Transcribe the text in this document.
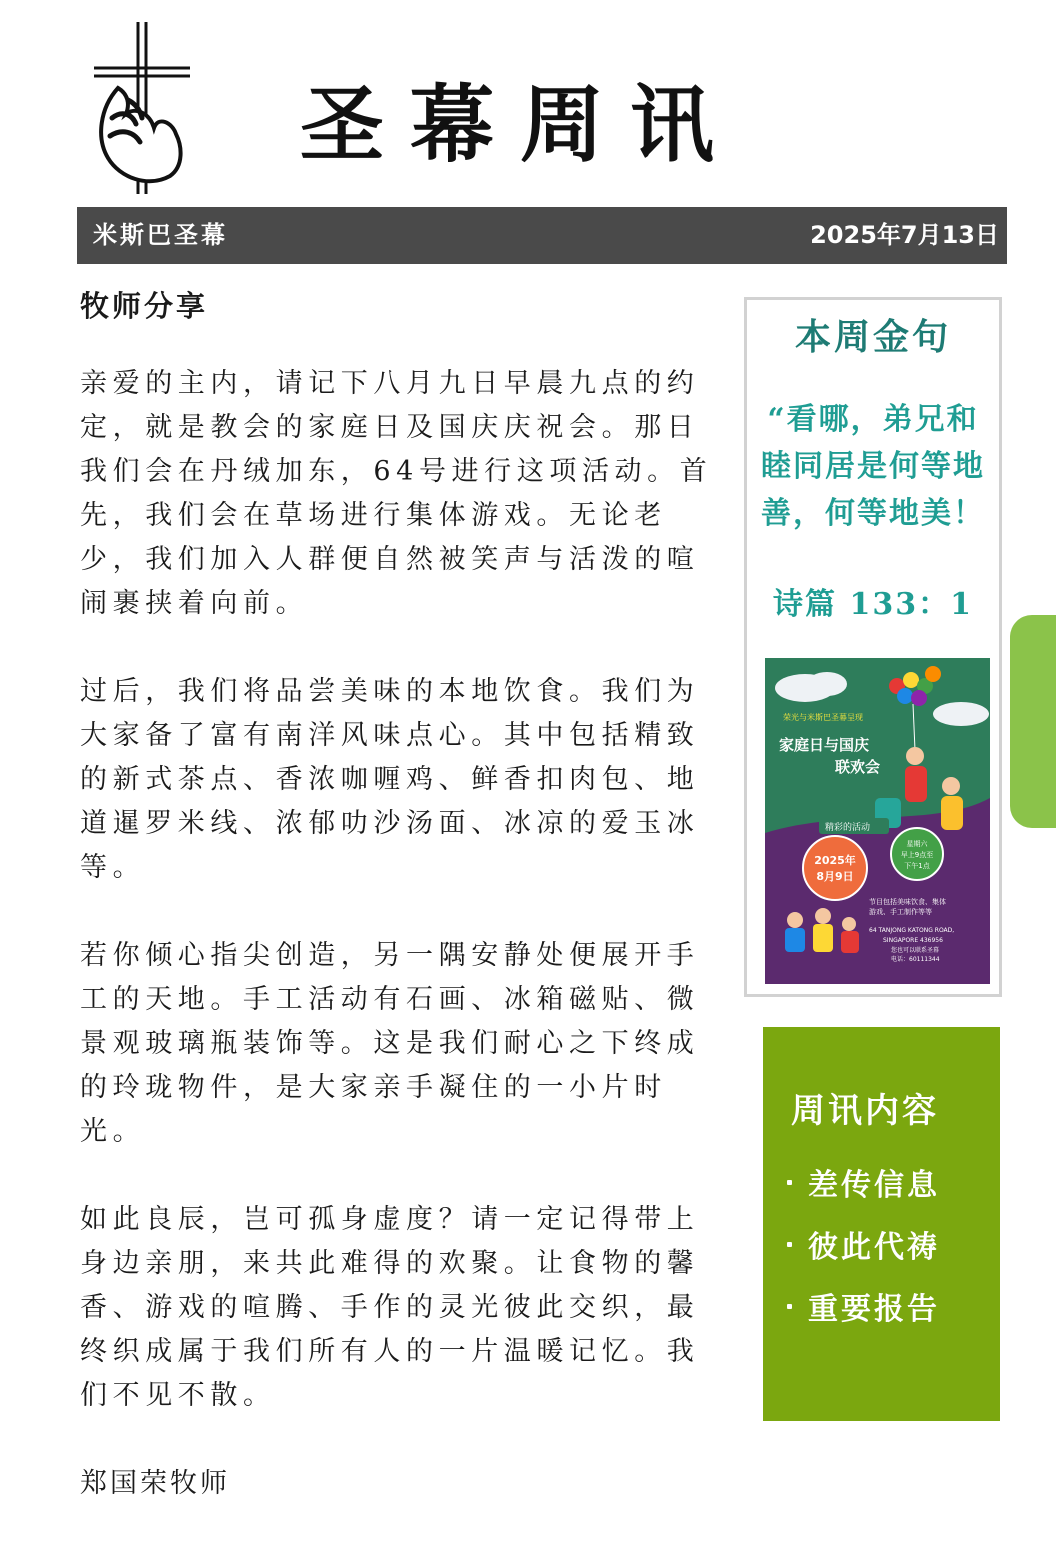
圣幕周讯
米斯巴圣幕	2025年7月13日
牧师分享

亲爱的主内，请记下八月九日早晨九点的约定，就是教会的家庭日及国庆庆祝会。那日我们会在丹绒加东，64号进行这项活动。首先，我们会在草场进行集体游戏。无论老少，我们加入人群便自然被笑声与活泼的喧闹裹挟着向前。

过后，我们将品尝美味的本地饮食。我们为大家备了富有南洋风味点心。其中包括精致的新式茶点、香浓咖喱鸡、鲜香扣肉包、地道暹罗米线、浓郁叻沙汤面、冰凉的爱玉冰等。

若你倾心指尖创造，另一隅安静处便展开手工的天地。手工活动有石画、冰箱磁贴、微景观玻璃瓶装饰等。这是我们耐心之下终成的玲珑物件，是大家亲手凝住的一小片时光。

如此良辰，岂可孤身虚度？请一定记得带上身边亲朋，来共此难得的欢聚。让食物的馨香、游戏的喧腾、手作的灵光彼此交织，最终织成属于我们所有人的一片温暖记忆。我们不见不散。

郑国荣牧师

本周金句
“看哪，弟兄和睦同居是何等地善，何等地美！
诗篇 133：1
荣光与米斯巴圣幕呈现
家庭日与国庆
联欢会
精彩的活动
2025年
8月9日
星期六
早上9点至
下午1点
节目包括美味饮食、集体
游戏、手工制作等等
64 TANJONG KATONG ROAD,
SINGAPORE 436956
您也可以联系圣幕
电话：60111344
周讯内容
差传信息
彼此代祷
重要报告
